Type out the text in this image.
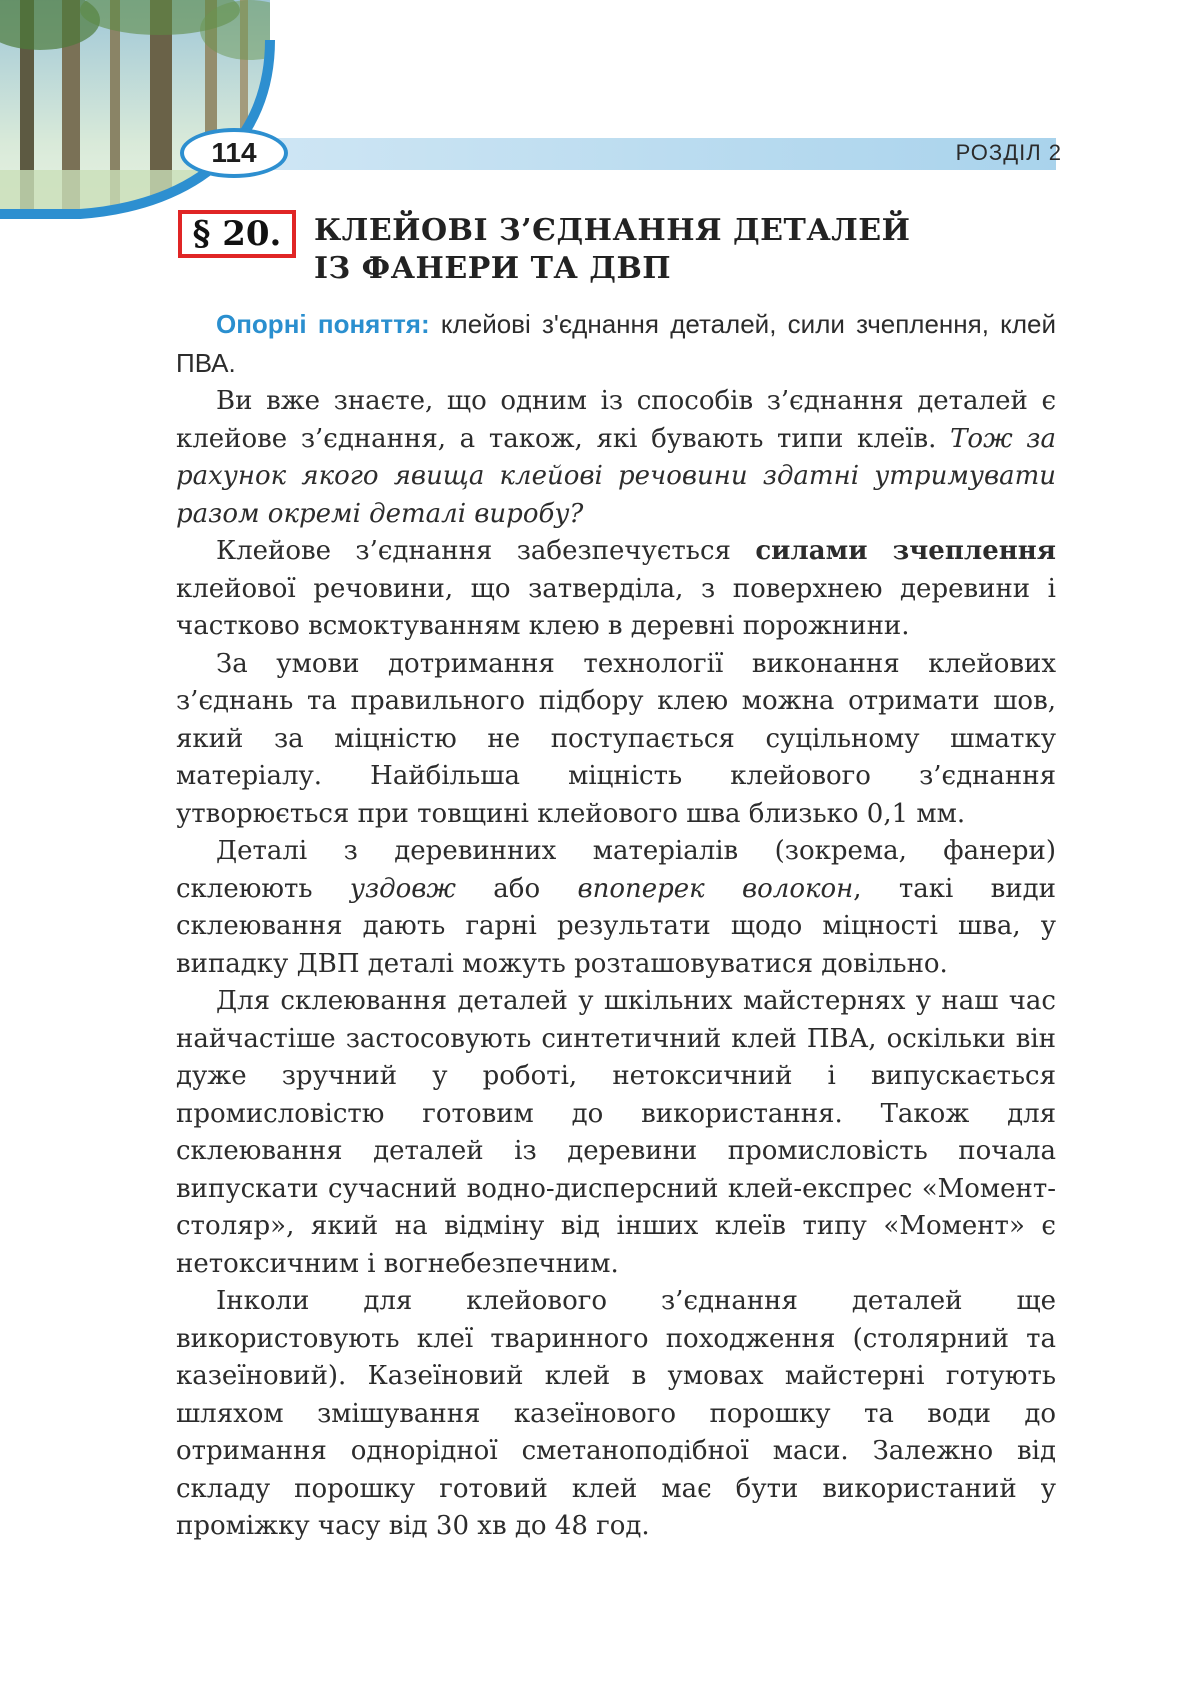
РОЗДІЛ 2
114
§ 20.	КЛЕЙОВІ З’ЄДНАННЯ ДЕТАЛЕЙ
ІЗ ФАНЕРИ ТА ДВП

Опорні поняття: клейові з'єднання деталей, сили зчеплення, клей ПВА.

Ви вже знаєте, що одним із способів з’єднання деталей є клейове з’єднання, а також, які бувають типи клеїв. Тож за рахунок якого явища клейові речовини здатні утримувати разом окремі деталі виробу?

Клейове з’єднання забезпечується силами зчеплення клейової речовини, що затверділа, з поверхнею деревини і частково всмоктуванням клею в деревні порожнини.

За умови дотримання технології виконання клейових з’єднань та правильного підбору клею можна отримати шов, який за міцністю не поступається суцільному шматку матеріалу. Найбільша міцність клейового з’єднання утворюється при товщині клейового шва близько 0,1 мм.

Деталі з деревинних матеріалів (зокрема, фанери) склеюють уздовж або впоперек волокон, такі види склеювання дають гарні результати щодо міцності шва, у випадку ДВП деталі можуть розташовуватися довільно.

Для склеювання деталей у шкільних майстернях у наш час найчастіше застосовують синтетичний клей ПВА, оскільки він дуже зручний у роботі, нетоксичний і випускається промисловістю готовим до використання. Також для склеювання деталей із деревини промисловість почала випускати сучасний водно-дисперсний клей-експрес «Момент-столяр», який на відміну від інших клеїв типу «Момент» є нетоксичним і вогнебезпечним.

Інколи для клейового з’єднання деталей ще використовують клеї тваринного походження (столярний та казеїновий). Казеїновий клей в умовах майстерні готують шляхом змішування казеїнового порошку та води до отримання однорідної сметаноподібної маси. Залежно від складу порошку готовий клей має бути використаний у проміжку часу від 30 хв до 48 год.
